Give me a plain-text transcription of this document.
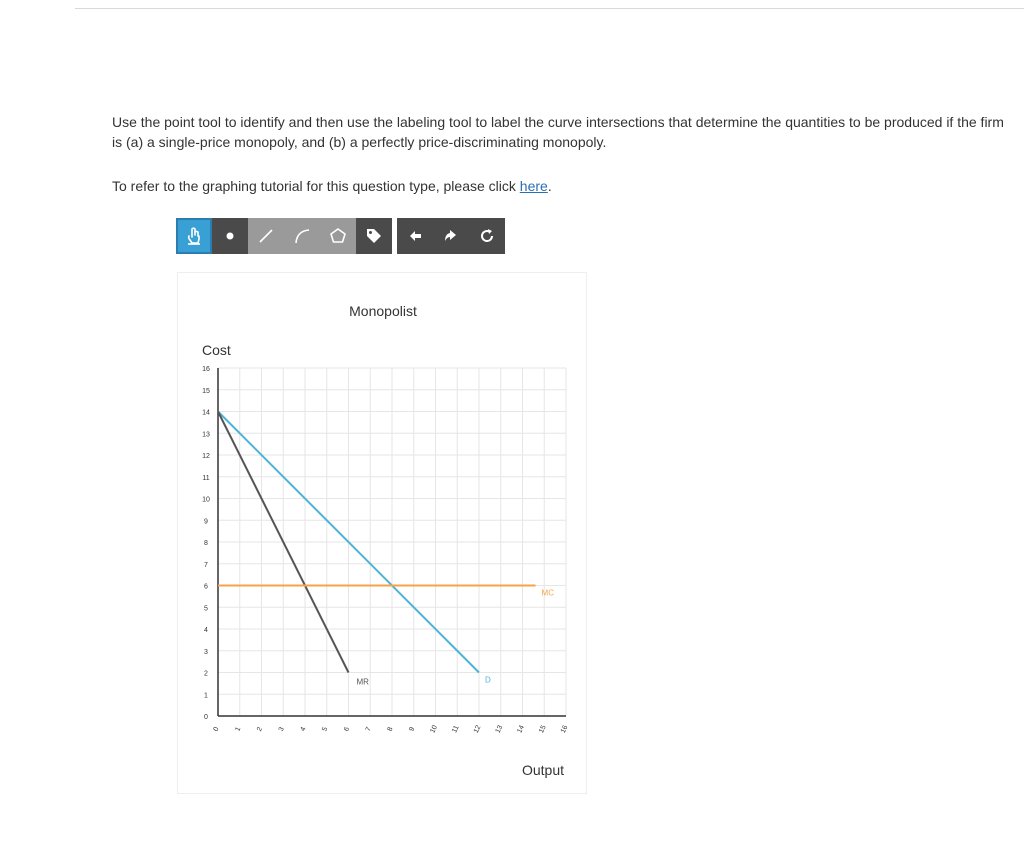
Use the point tool to identify and then use the labeling tool to label the curve intersections that determine the quantities to be produced if the firm is (a) a single-price monopoly, and (b) a perfectly price-discriminating monopoly.
To refer to the graphing tutorial for this question type, please click here.
0
1
2
3
4
5
6
7
8
9
10
11
12
13
14
15
16
0 1 2 3 4 5 6 7 8 9 10 11 12 13 14 15 16
Monopolist
Cost
Output
D
MR
MC
